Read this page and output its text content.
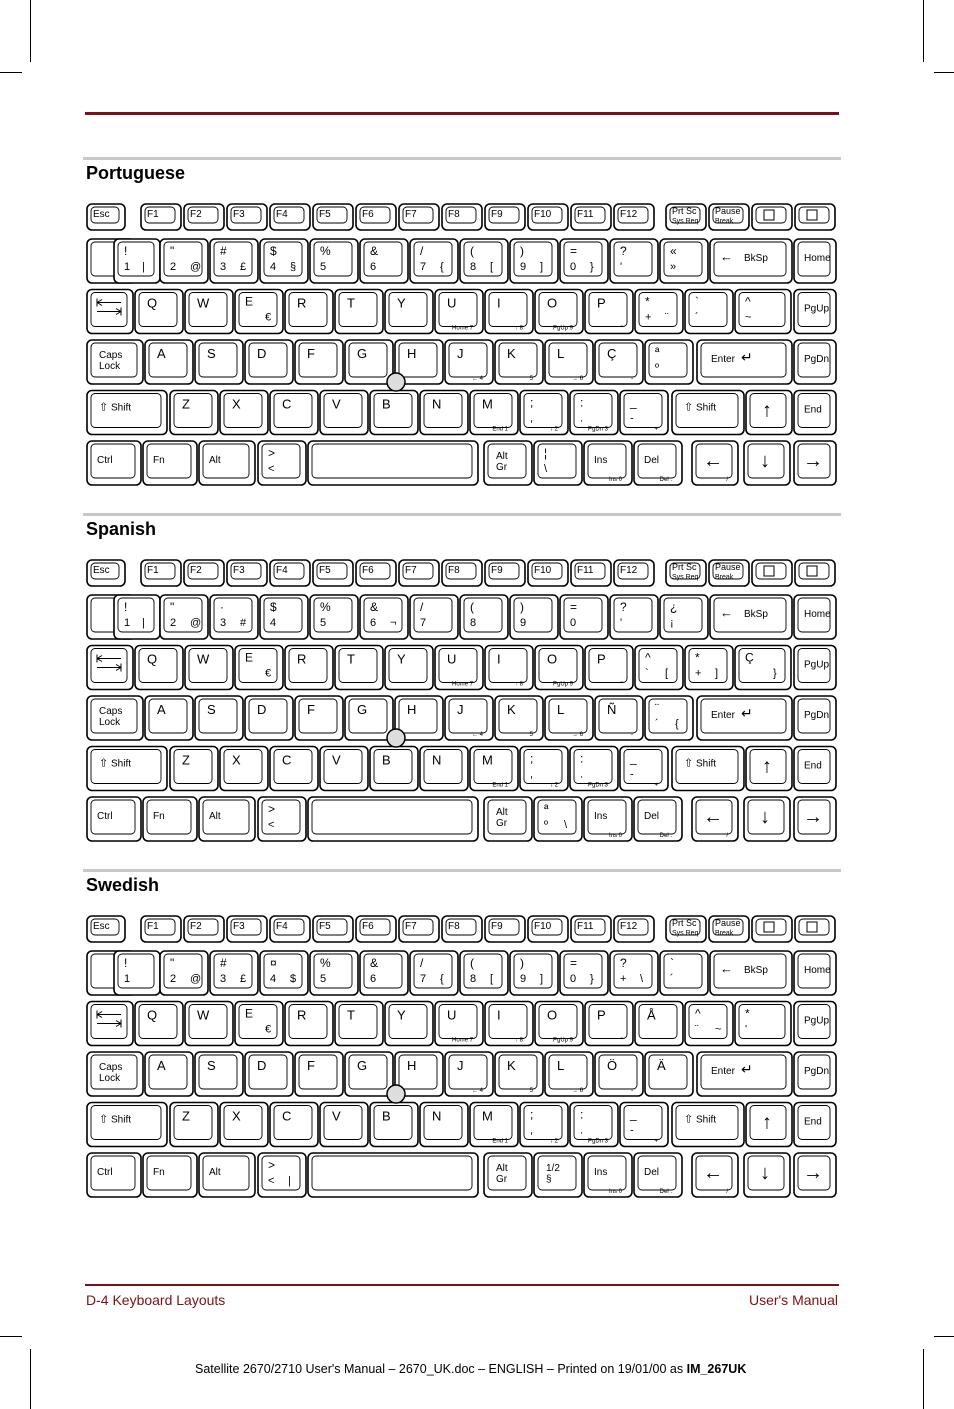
Portuguese
Spanish
Swedish
Esc	F1	F2	F3	F4	F5	F6	F7	F8	F9	F10	F11	F12	Prt Sc
Sys Req
Pause
Break
!
1 |
"
2 @
#
3 £
$
4 §
%
5
&
6
/
7 {
(
8 [
)
9 ]
=
0 }
?
'
«
»
← BkSp	Home
Q	W	E
€
R	T	Y	U
Home 7
I
↑ 8
O
PgUp 9
P
*
*
+ ¨
`
´
^
~
PgUp
Caps
Lock
A	S	D	F	G	H	J
← 4
K
5
L
→ 6
Ç
-
ª
º
Enter ↵	PgDn
⇧ Shift	Z	X	C	V	B	N	M
End 1
;
,
↓ 2
:
.
PgDn 3
_
-
+
⇧ Shift ↑	End
Ctrl	Fn	Alt
>
<
Alt
Gr
¦
\
Ins
Ins 0
Del
Del .
←
/
↓ →
Esc	F1	F2	F3	F4	F5	F6	F7	F8	F9	F10	F11	F12	Prt Sc
Sys Req
Pause
Break
!
1 |
"
2 @
·
3 #
$
4
%
5
&
6 ¬
/
7
(
8
)
9
=
0
?
'
¿
¡
← BkSp	Home
Q	W	E
€
R	T	Y	U
Home 7
I
↑ 8
O
PgUp 9
P
*
^
` [
*
+ ]
Ç
}
PgUp
Caps
Lock
A	S	D	F	G	H	J
← 4
K
5
L
→ 6
Ñ
-
¨
´ {
Enter ↵	PgDn
⇧ Shift	Z	X	C	V	B	N	M
End 1
;
,
↓ 2
:
.
PgDn 3
_
-
+
⇧ Shift ↑	End
Ctrl	Fn	Alt
>
<
Alt
Gr
ª
º \
Ins
Ins 0
Del
Del .
←
/
↓ →
Esc	F1	F2	F3	F4	F5	F6	F7	F8	F9	F10	F11	F12	Prt Sc
Sys Req
Pause
Break
!
1
"
2 @
#
3 £
¤
4 $
%
5
&
6
/
7 {
(
8 [
)
9 ]
=
0 }
?
+ \
`
´
← BkSp	Home
Q	W	E
€
R	T	Y	U
Home 7
I
↑ 8
O
PgUp 9
P
*
Å	^
¨ ~
*
'
PgUp
Caps
Lock
A	S	D	F	G	H	J
← 4
K
5
L
→ 6
Ö
-
Ä	Enter ↵	PgDn
⇧ Shift	Z	X	C	V	B	N	M
End 1
;
,
↓ 2
:
.
PgDn 3
_
-
+
⇧ Shift ↑	End
Ctrl	Fn	Alt
>
< |
Alt
Gr
1/2
§
Ins
Ins 0
Del
Del .
←
/
↓ →
D-4 Keyboard Layouts	User's Manual
Satellite 2670/2710 User's Manual – 2670_UK.doc – ENGLISH – Printed on 19/01/00 as IM_267UK
